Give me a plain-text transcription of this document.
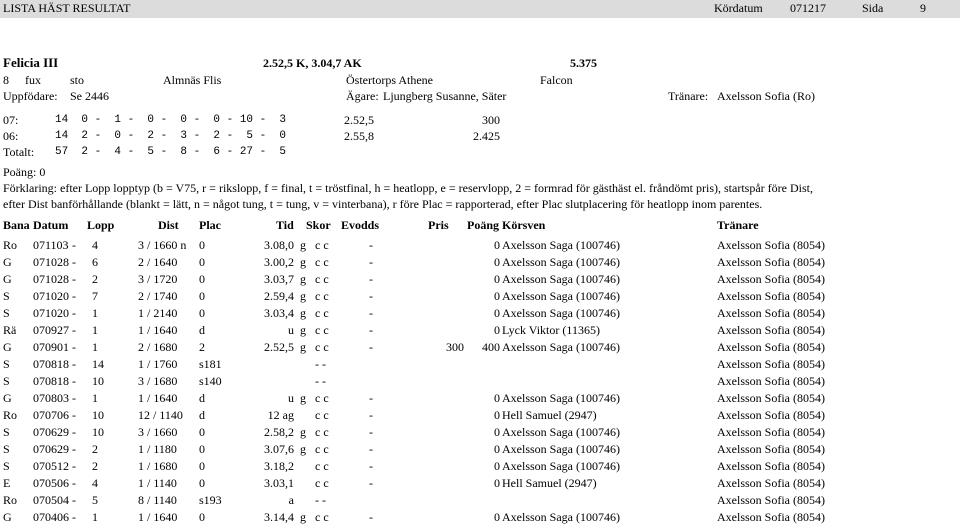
LISTA HÄST RESULTAT	Kördatum 071217	Sida	9
Felicia III	2.52,5 K, 3.04,7 AK	5.375
8 fux sto	Almnäs Flis	Östertorps Athene	Falcon
Uppfödare: Se 2446	Ägare: Ljungberg Susanne, Säter	Tränare: Axelsson Sofia (Ro)
07:	14  0 -  1 -  0 -  0 -  0 - 10 -  3	2.52,5	300
06:	14  2 -  0 -  2 -  3 -  2 -  5 -  0	2.55,8	2.425
Totalt: 57  2 -  4 -  5 -  8 -  6 - 27 -  5
Poäng: 0
Förklaring: efter Lopp lopptyp (b = V75, r = rikslopp, f = final, t = tröstfinal, h = heatlopp, e = reservlopp, 2 = formrad för gästhäst el. fråndömt pris), startspår före Dist,
efter Dist banförhållande (blankt = lätt, n = något tung, t = tung, v = vinterbana), r före Plac = rapporterad, efter Plac slutplacering för heatlopp inom parentes.
Bana Datum Lopp	Dist Plac	Tid Skor Evodds	Pris Poäng Körsven	Tränare
Ro	071103 -	4	3 / 1660 n	0	3.08,0 g c c	-	0 Axelsson Saga (100746)	Axelsson Sofia (8054)
G	071028 -	6	2 / 1640	0	3.00,2 g c c	-	0 Axelsson Saga (100746)	Axelsson Sofia (8054)
G	071028 -	2	3 / 1720	0	3.03,7 g c c	-	0 Axelsson Saga (100746)	Axelsson Sofia (8054)
S	071020 -	7	2 / 1740	0	2.59,4 g c c	-	0 Axelsson Saga (100746)	Axelsson Sofia (8054)
S	071020 -	1	1 / 2140	0	3.03,4 g c c	-	0 Axelsson Saga (100746)	Axelsson Sofia (8054)
Rä	070927 -	1	1 / 1640	d	u g c c	-	0 Lyck Viktor (11365)	Axelsson Sofia (8054)
G	070901 -	1	2 / 1680	2	2.52,5 g c c	-	300	400 Axelsson Saga (100746)	Axelsson Sofia (8054)
S	070818 -	14	1 / 1760	s181	- -	Axelsson Sofia (8054)
S	070818 -	10	3 / 1680	s140	- -	Axelsson Sofia (8054)
G	070803 -	1	1 / 1640	d	u g c c	-	0 Axelsson Saga (100746)	Axelsson Sofia (8054)
Ro	070706 -	10	12 / 1140	d	12 ag c c	-	0 Hell Samuel (2947)	Axelsson Sofia (8054)
S	070629 -	10	3 / 1660	0	2.58,2 g c c	-	0 Axelsson Saga (100746)	Axelsson Sofia (8054)
S	070629 -	2	1 / 1180	0	3.07,6 g c c	-	0 Axelsson Saga (100746)	Axelsson Sofia (8054)
S	070512 -	2	1 / 1680	0	3.18,2 c c	-	0 Axelsson Saga (100746)	Axelsson Sofia (8054)
E	070506 -	4	1 / 1140	0	3.03,1 c c	-	0 Hell Samuel (2947)	Axelsson Sofia (8054)
Ro	070504 -	5	8 / 1140	s193	a - -	Axelsson Sofia (8054)
G	070406 -	1	1 / 1640	0	3.14,4 g c c	-	0 Axelsson Saga (100746)	Axelsson Sofia (8054)
